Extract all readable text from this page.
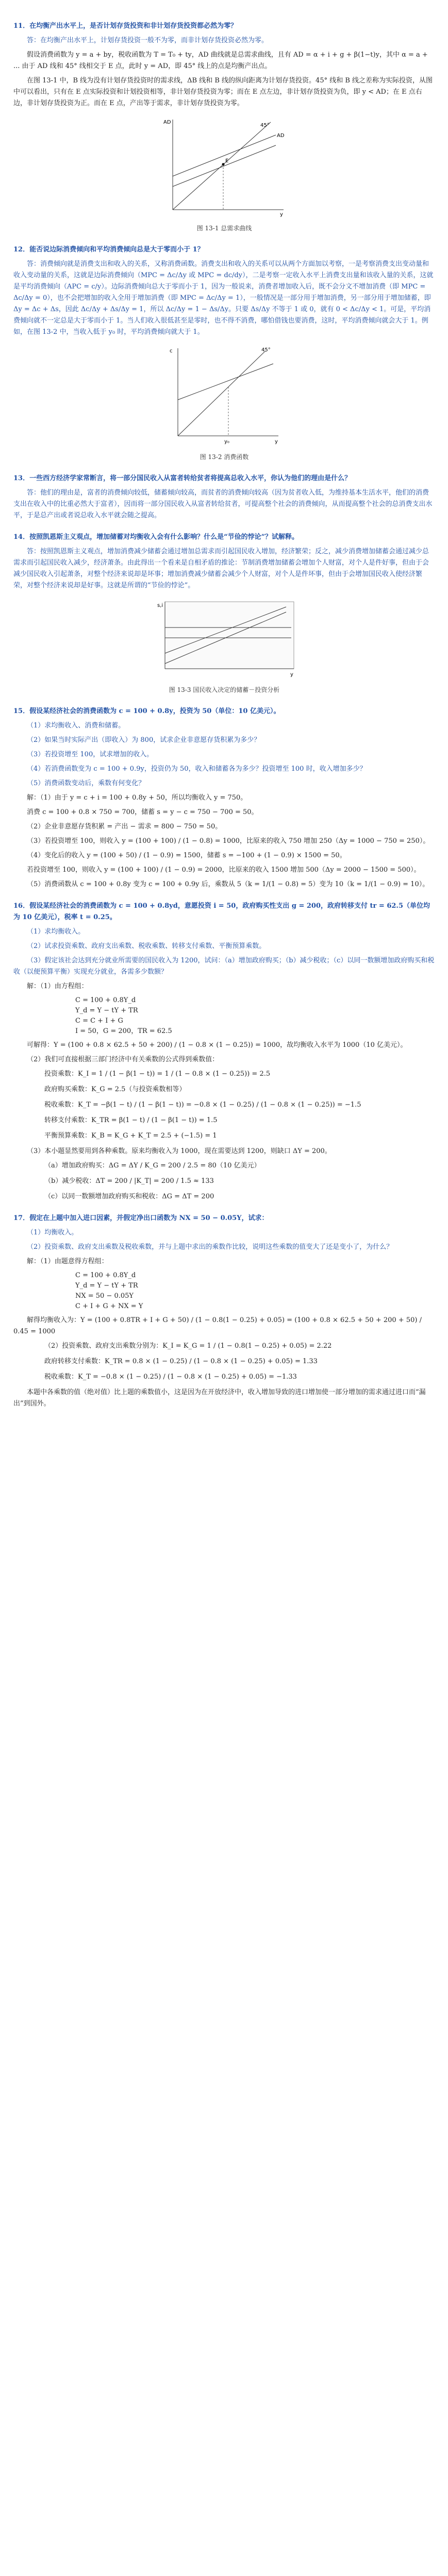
11．在均衡产出水平上，是否计划存货投资和非计划存货投资都必然为零？
答：在均衡产出水平上，计划存货投资一般不为零，而非计划存货投资必然为零。
假设消费函数为 y = a + by，税收函数为 T = T₀ + ty，AD 曲线就是总需求曲线，且有 AD = α + i + g + β(1−t)y，其中 α = a + ... 由于 AD 线和 45° 线相交于 E 点，此时 y = AD，即 45° 线上的点是均衡产出点。
在图 13-1 中，B 线为没有计划存货投资时的需求线，ΔB 线和 B 线的纵向距离为计划存货投资。45° 线和 B 线之差称为实际投资，从图中可以看出，只有在 E 点实际投资和计划投资相等，非计划存货投资为零；而在 E 点左边，非计划存货投资为负，即 y < AD；在 E 点右边，非计划存货投资为正。而在 E 点，产出等于需求，非计划存货投资为零。
E
AD
y
45°
AD
图 13-1 总需求曲线
12．能否说边际消费倾向和平均消费倾向总是大于零而小于 1？
答：消费倾向就是消费支出和收入的关系，又称消费函数。消费支出和收入的关系可以从两个方面加以考察，一是考察消费支出变动量和收入变动量的关系，这就是边际消费倾向（MPC = Δc/Δy 或 MPC = dc/dy），二是考察一定收入水平上消费支出量和该收入量的关系，这就是平均消费倾向（APC = c/y）。边际消费倾向总大于零而小于 1，因为一般说来，消费者增加收入后，既不会分文不增加消费（即 MPC = Δc/Δy = 0），也不会把增加的收入全用于增加消费（即 MPC = Δc/Δy = 1），一般情况是一部分用于增加消费，另一部分用于增加储蓄，即 Δy = Δc + Δs，因此 Δc/Δy + Δs/Δy = 1，所以 Δc/Δy = 1 − Δs/Δy。只要 Δs/Δy 不等于 1 或 0，就有 0 < Δc/Δy < 1。可是，平均消费倾向就不一定总是大于零而小于 1。当人们收入很低甚至是零时，也不得不消费，哪怕借钱也要消费，这时，平均消费倾向就会大于 1。例如，在图 13-2 中，当收入低于 y₀ 时，平均消费倾向就大于 1。
c
y
y₀
45°
图 13-2 消费函数
13．一些西方经济学家常断言，将一部分国民收入从富者转给贫者将提高总收入水平，你认为他们的理由是什么？
答：他们的理由是，富者的消费倾向较低，储蓄倾向较高，而贫者的消费倾向较高（因为贫者收入低，为维持基本生活水平，他们的消费支出在收入中的比重必然大于富者），因而将一部分国民收入从富者转给贫者，可提高整个社会的消费倾向，从而提高整个社会的总消费支出水平，于是总产出或者说总收入水平就会随之提高。
14．按照凯恩斯主义观点，增加储蓄对均衡收入会有什么影响？什么是“节俭的悖论”？试解释。
答：按照凯恩斯主义观点，增加消费减少储蓄会通过增加总需求而引起国民收入增加，经济繁荣；反之，减少消费增加储蓄会通过减少总需求而引起国民收入减少，经济萧条。由此得出一个看来是自相矛盾的推论：节制消费增加储蓄会增加个人财富，对个人是件好事，但由于会减少国民收入引起萧条，对整个经济来说却是坏事；增加消费减少储蓄会减少个人财富，对个人是件坏事，但由于会增加国民收入使经济繁荣，对整个经济来说却是好事。这就是所谓的“节俭的悖论”。
s,i
y
图 13-3 国民收入决定的储蓄－投资分析
15．假设某经济社会的消费函数为 c = 100 + 0.8y，投资为 50（单位：10 亿美元）。
（1）求均衡收入、消费和储蓄。
（2）如果当时实际产出（即收入）为 800，试求企业非意愿存货积累为多少？
（3）若投资增至 100，试求增加的收入。
（4）若消费函数变为 c = 100 + 0.9y，投资仍为 50，收入和储蓄各为多少？投资增至 100 时，收入增加多少？
（5）消费函数变动后，乘数有何变化？
解：（1）由于 y = c + i = 100 + 0.8y + 50，所以均衡收入 y = 750。
消费 c = 100 + 0.8 × 750 = 700，储蓄 s = y − c = 750 − 700 = 50。
（2）企业非意愿存货积累 = 产出 − 需求 = 800 − 750 = 50。
（3）若投资增至 100，则收入 y = (100 + 100) / (1 − 0.8) = 1000，比原来的收入 750 增加 250（Δy = 1000 − 750 = 250）。
（4）变化后的收入 y = (100 + 50) / (1 − 0.9) = 1500，储蓄 s = −100 + (1 − 0.9) × 1500 = 50。
若投资增至 100，则收入 y = (100 + 100) / (1 − 0.9) = 2000，比原来的收入 1500 增加 500（Δy = 2000 − 1500 = 500）。
（5）消费函数从 c = 100 + 0.8y 变为 c = 100 + 0.9y 后，乘数从 5（k = 1/(1 − 0.8) = 5）变为 10（k = 1/(1 − 0.9) = 10）。
16．假设某经济社会的消费函数为 c = 100 + 0.8yd，意愿投资 i = 50，政府购买性支出 g = 200，政府转移支付 tr = 62.5（单位均为 10 亿美元），税率 t = 0.25。
（1）求均衡收入。
（2）试求投资乘数、政府支出乘数、税收乘数、转移支付乘数、平衡预算乘数。
（3）假定该社会达到充分就业所需要的国民收入为 1200，试问：（a）增加政府购买；（b）减少税收；（c）以同一数额增加政府购买和税收（以便预算平衡）实现充分就业，各需多少数额？
解：（1）由方程组：
C = 100 + 0.8Y_d
Y_d = Y − tY + TR
C = C + I + G
I = 50，G = 200，TR = 62.5
可解得：Y = (100 + 0.8 × 62.5 + 50 + 200) / (1 − 0.8 × (1 − 0.25)) = 1000，故均衡收入水平为 1000（10 亿美元）。
（2）我们可直接根据三部门经济中有关乘数的公式得到乘数值：
投资乘数：K_I = 1 / (1 − β(1 − t)) = 1 / (1 − 0.8 × (1 − 0.25)) = 2.5
政府购买乘数：K_G = 2.5（与投资乘数相等）
税收乘数：K_T = −β(1 − t) / (1 − β(1 − t)) = −0.8 × (1 − 0.25) / (1 − 0.8 × (1 − 0.25)) = −1.5
转移支付乘数：K_TR = β(1 − t) / (1 − β(1 − t)) = 1.5
平衡预算乘数：K_B = K_G + K_T = 2.5 + (−1.5) = 1
（3）本小题显然要用到各种乘数。原来均衡收入为 1000，现在需要达到 1200，则缺口 ΔY = 200。
（a）增加政府购买：ΔG = ΔY / K_G = 200 / 2.5 = 80（10 亿美元）
（b）减少税收：ΔT = 200 / |K_T| = 200 / 1.5 ≈ 133
（c）以同一数额增加政府购买和税收：ΔG = ΔT = 200
17．假定在上题中加入进口因素，并假定净出口函数为 NX = 50 − 0.05Y，试求：
（1）均衡收入。
（2）投资乘数、政府支出乘数及税收乘数，并与上题中求出的乘数作比较，说明这些乘数的值变大了还是变小了，为什么？
解：（1）由题意得方程组：
C = 100 + 0.8Y_d
Y_d = Y − tY + TR
NX = 50 − 0.05Y
C + I + G + NX = Y
解得均衡收入为：Y = (100 + 0.8TR + I + G + 50) / (1 − 0.8(1 − 0.25) + 0.05) = (100 + 0.8 × 62.5 + 50 + 200 + 50) / 0.45 = 1000
（2）投资乘数、政府支出乘数分别为：K_I = K_G = 1 / (1 − 0.8(1 − 0.25) + 0.05) = 2.22
政府转移支付乘数：K_TR = 0.8 × (1 − 0.25) / (1 − 0.8 × (1 − 0.25) + 0.05) = 1.33
税收乘数：K_T = −0.8 × (1 − 0.25) / (1 − 0.8 × (1 − 0.25) + 0.05) = −1.33
本题中各乘数的值（绝对值）比上题的乘数值小，这是因为在开放经济中，收入增加导致的进口增加使一部分增加的需求通过进口而“漏出”到国外。
